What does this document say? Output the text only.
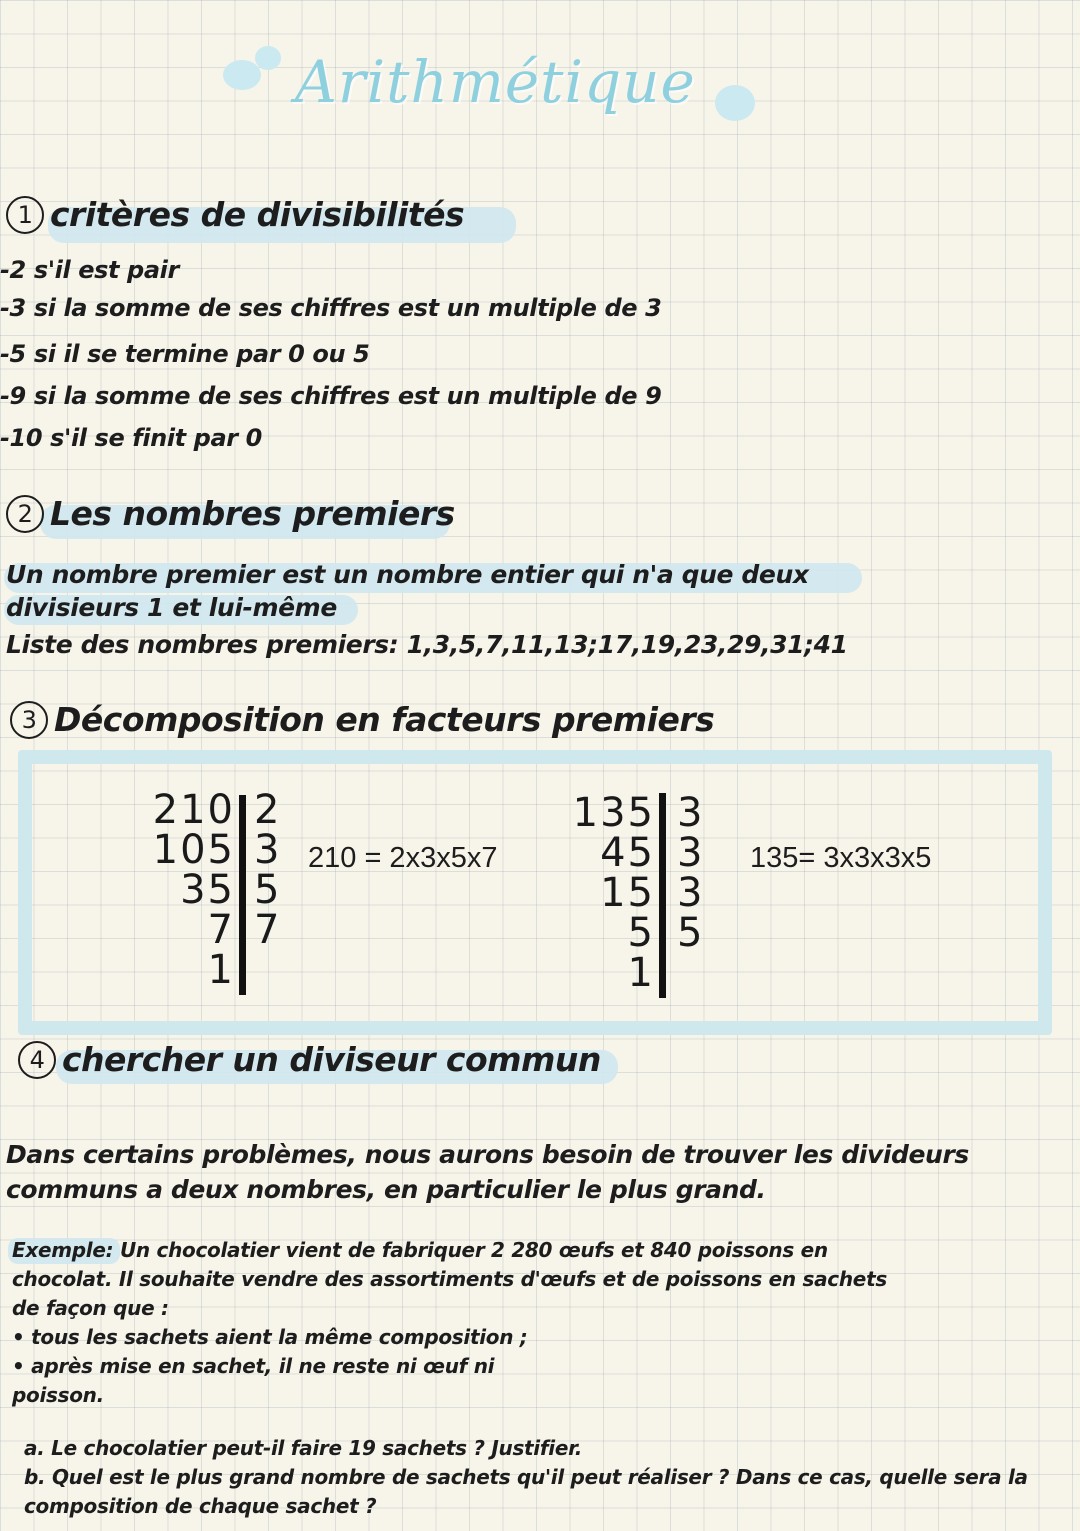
Arithmétique
1 critères de divisibilités
-2 s'il est pair
-3 si la somme de ses chiffres est un multiple de 3
-5 si il se termine par 0 ou 5
-9 si la somme de ses chiffres est un multiple de 9
-10 s'il se finit par 0
2 Les nombres premiers
Un nombre premier est un nombre entier qui n'a que deux
divisieurs 1 et lui-même
Liste des nombres premiers: 1,3,5,7,11,13;17,19,23,29,31;41
3 Décomposition en facteurs premiers
210
105
35
7
1
2
3
5
7
210 = 2x3x5x7
135
45
15
5
1
3
3
3
5
135= 3x3x3x5
4 chercher un diviseur commun
Dans certains problèmes, nous aurons besoin de trouver les divideurs
communs a deux nombres, en particulier le plus grand.
Exemple: Un chocolatier vient de fabriquer 2 280 œufs et 840 poissons en
chocolat. Il souhaite vendre des assortiments d'œufs et de poissons en sachets
de façon que :
• tous les sachets aient la même composition ;
• après mise en sachet, il ne reste ni œuf ni
poisson.
a. Le chocolatier peut-il faire 19 sachets ? Justifier.
b. Quel est le plus grand nombre de sachets qu'il peut réaliser ? Dans ce cas, quelle sera la
composition de chaque sachet ?
